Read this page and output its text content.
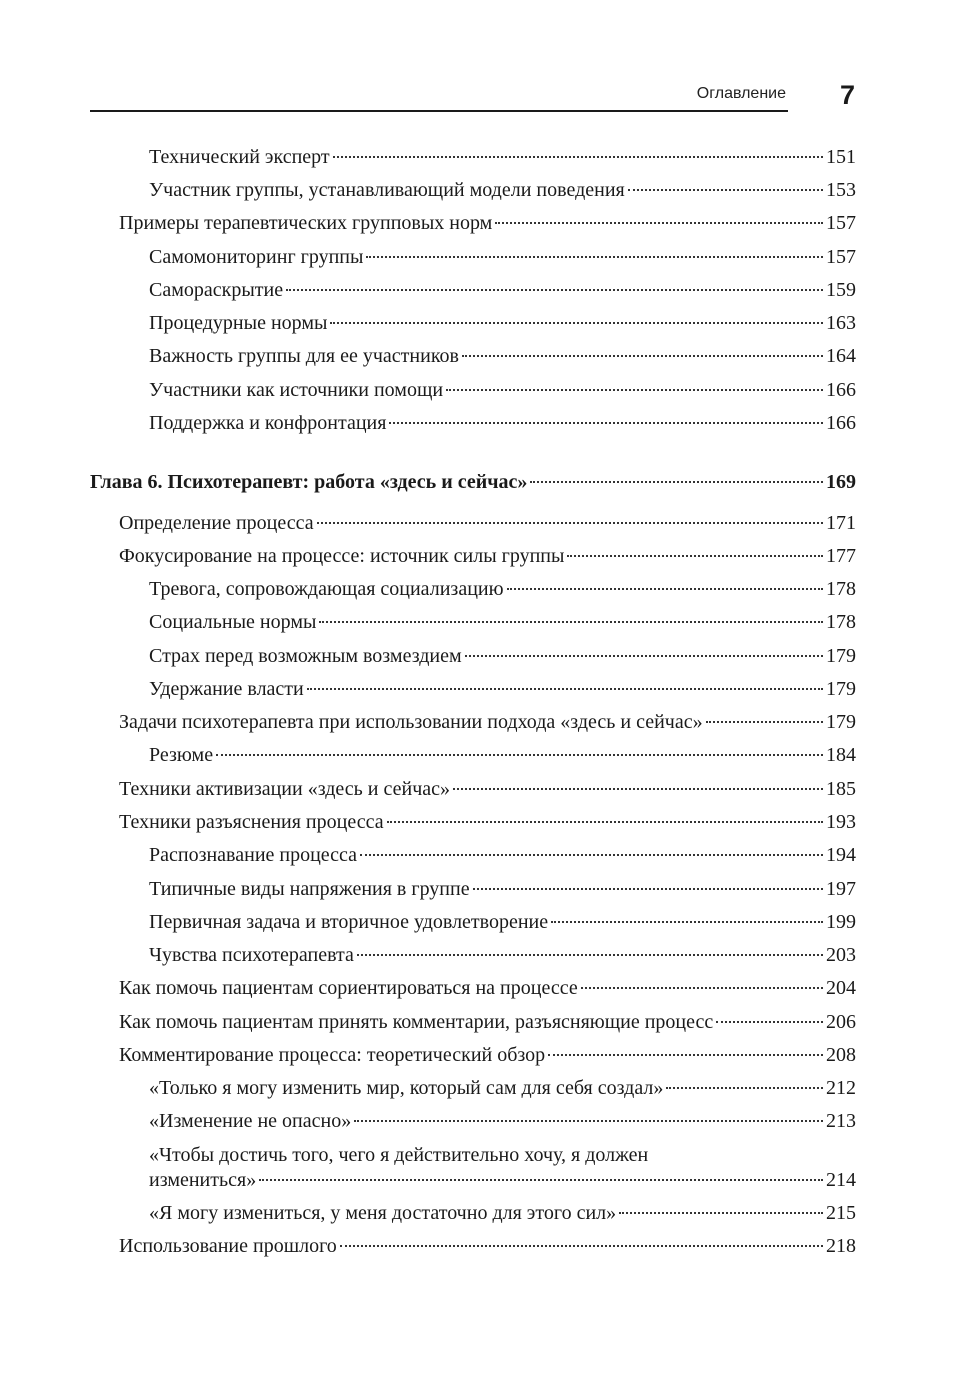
Оглавление 7
Технический эксперт	151
Участник группы, устанавливающий модели поведения	153
Примеры терапевтических групповых норм	157
Самомониторинг группы	157
Самораскрытие	159
Процедурные нормы	163
Важность группы для ее участников	164
Участники как источники помощи	166
Поддержка и конфронтация	166
Глава 6. Психотерапевт: работа «здесь и сейчас»	169
Определение процесса	171
Фокусирование на процессе: источник силы группы	177
Тревога, сопровождающая социализацию	178
Социальные нормы	178
Страх перед возможным возмездием	179
Удержание власти	179
Задачи психотерапевта при использовании подхода «здесь и сейчас»	179
Резюме	184
Техники активизации «здесь и сейчас»	185
Техники разъяснения процесса	193
Распознавание процесса	194
Типичные виды напряжения в группе	197
Первичная задача и вторичное удовлетворение	199
Чувства психотерапевта	203
Как помочь пациентам сориентироваться на процессе	204
Как помочь пациентам принять комментарии, разъясняющие процесс	206
Комментирование процесса: теоретический обзор	208
«Только я могу изменить мир, который сам для себя создал»	212
«Изменение не опасно»	213
«Чтобы достичь того, чего я действительно хочу, я должен
измениться»	214
«Я могу измениться, у меня достаточно для этого сил»	215
Использование прошлого	218
